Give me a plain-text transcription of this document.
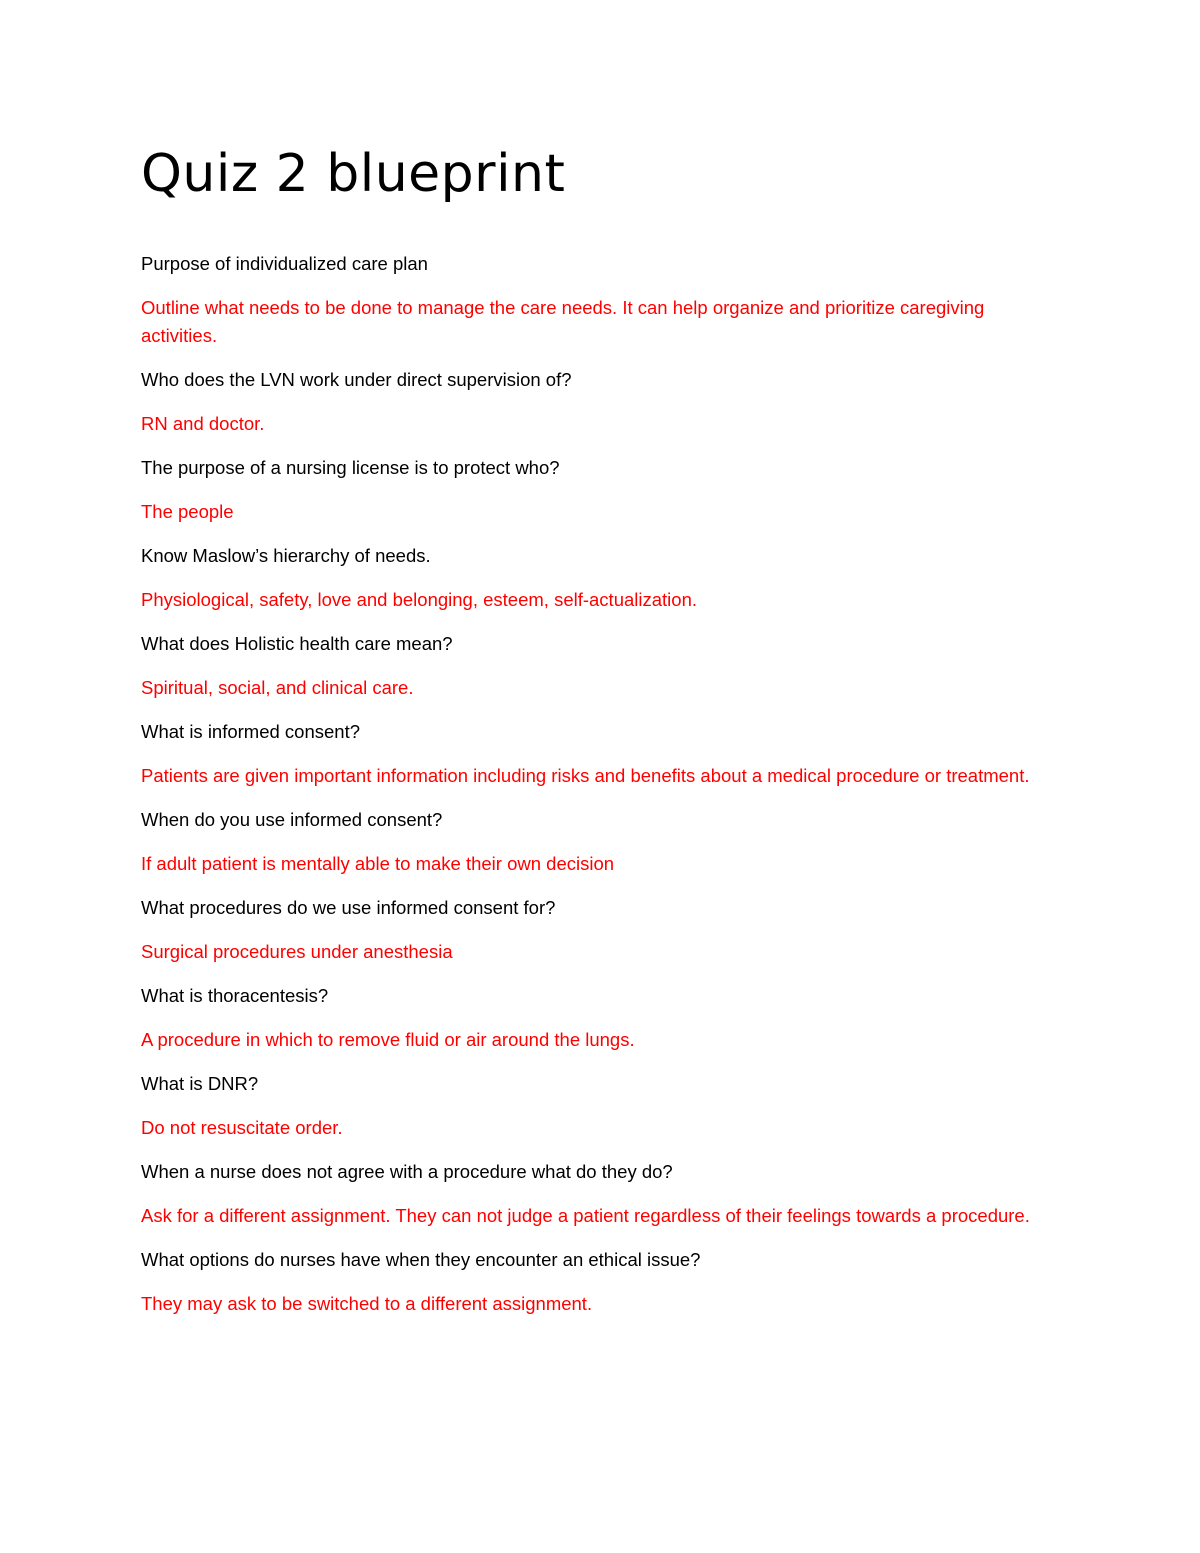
Quiz 2 blueprint

Purpose of individualized care plan

Outline what needs to be done to manage the care needs. It can help organize and prioritize caregiving activities.

Who does the LVN work under direct supervision of?

RN and doctor.

The purpose of a nursing license is to protect who?

The people

Know Maslow’s hierarchy of needs.

Physiological, safety, love and belonging, esteem, self-actualization.

What does Holistic health care mean?

Spiritual, social, and clinical care.

What is informed consent?

Patients are given important information including risks and benefits about a medical procedure or treatment.

When do you use informed consent?

If adult patient is mentally able to make their own decision

What procedures do we use informed consent for?

Surgical procedures under anesthesia

What is thoracentesis?

A procedure in which to remove fluid or air around the lungs.

What is DNR?

Do not resuscitate order.

When a nurse does not agree with a procedure what do they do?

Ask for a different assignment. They can not judge a patient regardless of their feelings towards a procedure.

What options do nurses have when they encounter an ethical issue?

They may ask to be switched to a different assignment.
